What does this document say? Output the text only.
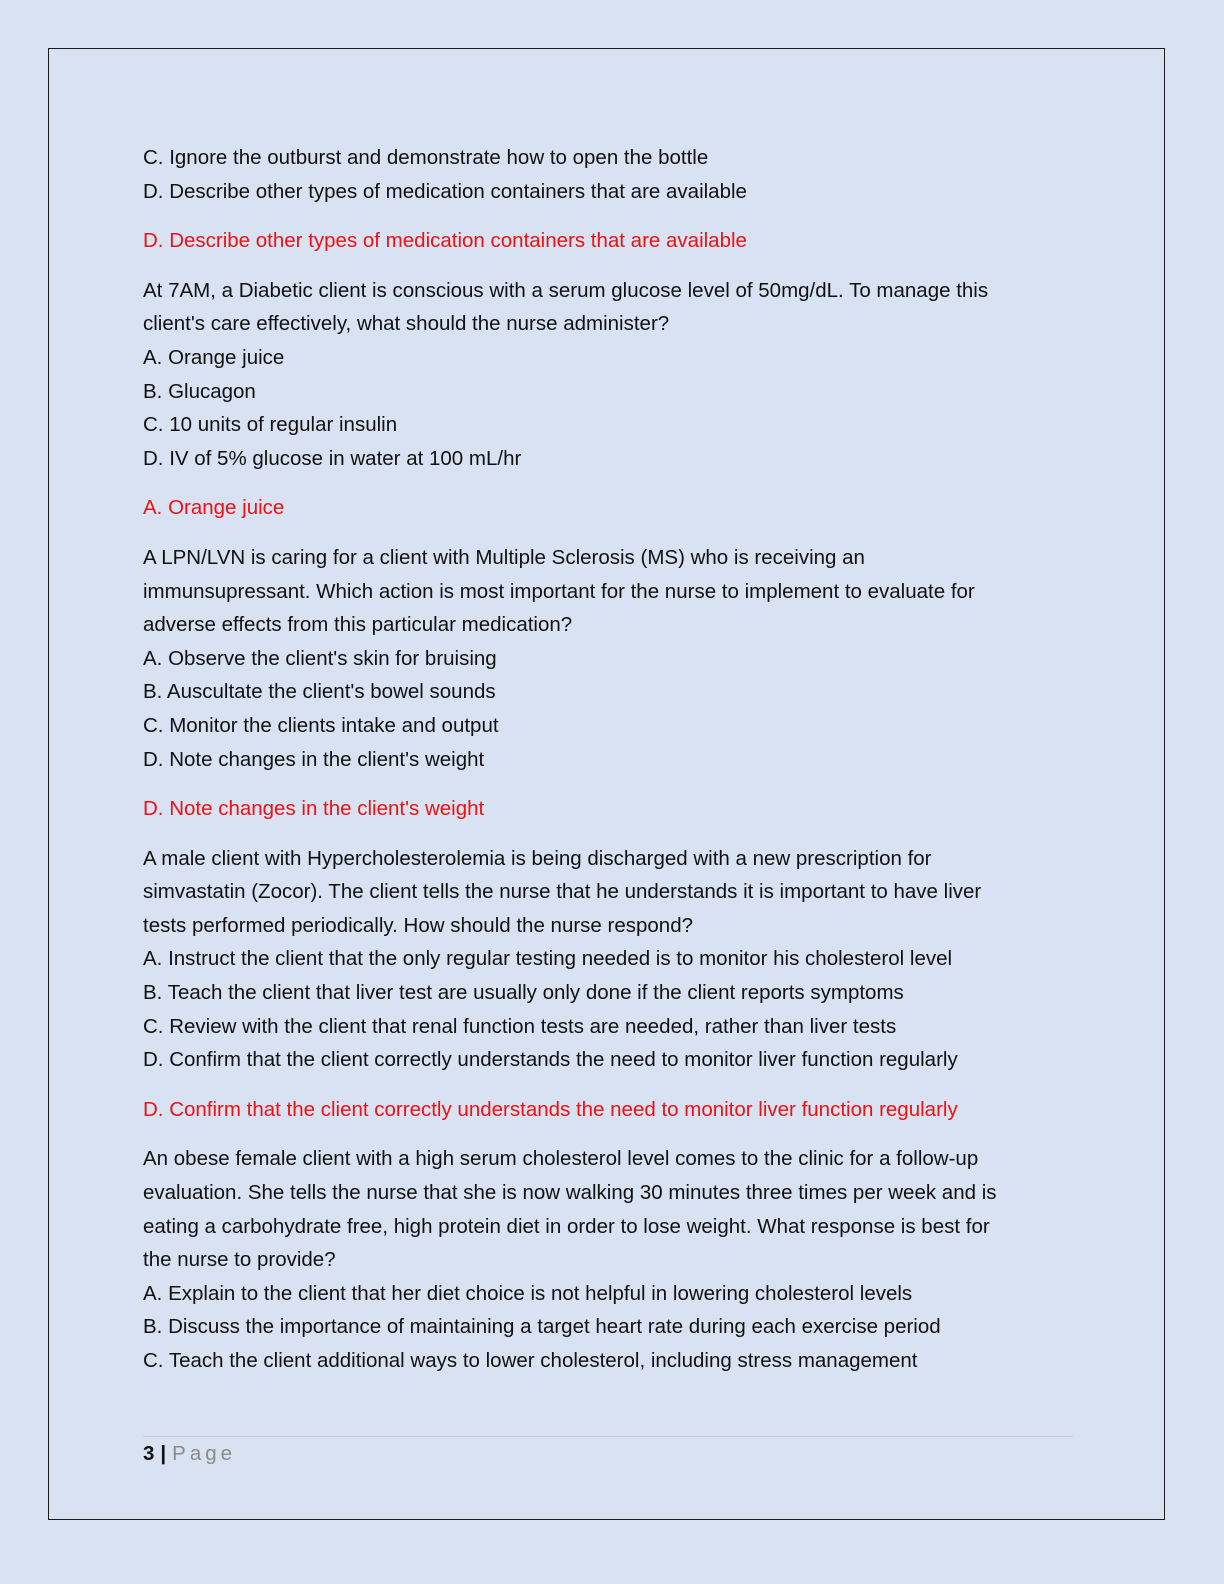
C. Ignore the outburst and demonstrate how to open the bottle
D. Describe other types of medication containers that are available
D. Describe other types of medication containers that are available
At 7AM, a Diabetic client is conscious with a serum glucose level of 50mg/dL. To manage this
client's care effectively, what should the nurse administer?
A. Orange juice
B. Glucagon
C. 10 units of regular insulin
D. IV of 5% glucose in water at 100 mL/hr
A. Orange juice
A LPN/LVN is caring for a client with Multiple Sclerosis (MS) who is receiving an
immunsupressant. Which action is most important for the nurse to implement to evaluate for
adverse effects from this particular medication?
A. Observe the client's skin for bruising
B. Auscultate the client's bowel sounds
C. Monitor the clients intake and output
D. Note changes in the client's weight
D. Note changes in the client's weight
A male client with Hypercholesterolemia is being discharged with a new prescription for
simvastatin (Zocor). The client tells the nurse that he understands it is important to have liver
tests performed periodically. How should the nurse respond?
A. Instruct the client that the only regular testing needed is to monitor his cholesterol level
B. Teach the client that liver test are usually only done if the client reports symptoms
C. Review with the client that renal function tests are needed, rather than liver tests
D. Confirm that the client correctly understands the need to monitor liver function regularly
D. Confirm that the client correctly understands the need to monitor liver function regularly
An obese female client with a high serum cholesterol level comes to the clinic for a follow-up
evaluation. She tells the nurse that she is now walking 30 minutes three times per week and is
eating a carbohydrate free, high protein diet in order to lose weight. What response is best for
the nurse to provide?
A. Explain to the client that her diet choice is not helpful in lowering cholesterol levels
B. Discuss the importance of maintaining a target heart rate during each exercise period
C. Teach the client additional ways to lower cholesterol, including stress management
3 | Page
